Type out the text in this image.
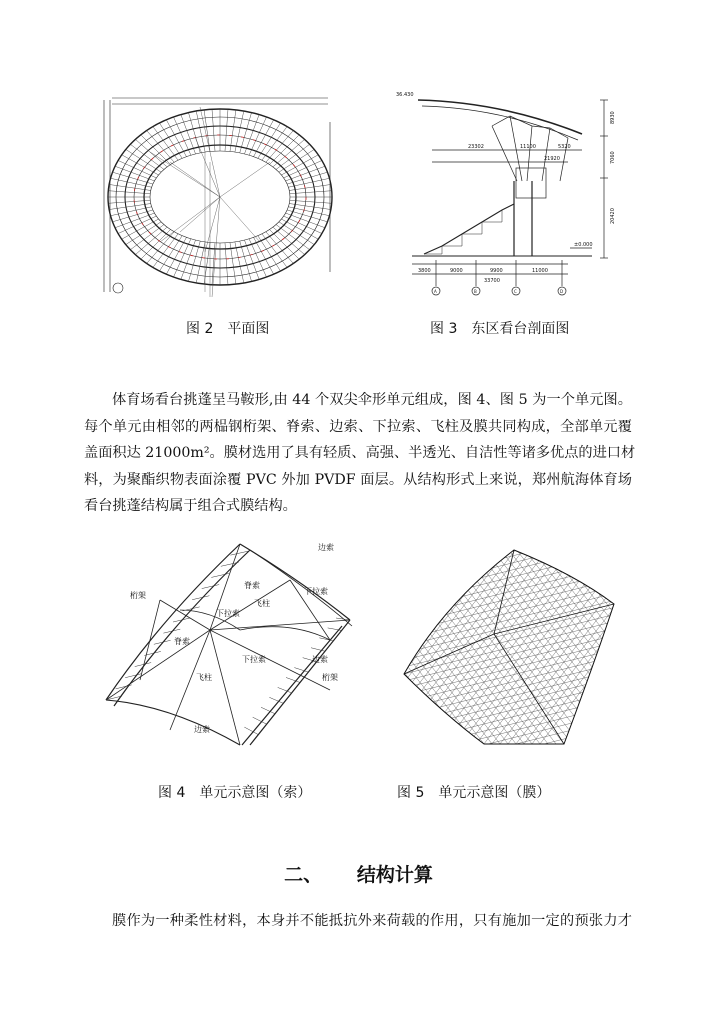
图 2　平面图
36.430
23302	11100	5320
21920
±0.000
3800	9000	9900	11000
33700
A	B	C	D
8930
7060
20420
图 3　东区看台剖面图
体育场看台挑蓬呈马鞍形,由 44 个双尖伞形单元组成，图 4、图 5 为一个单元图。
每个单元由相邻的两榀钢桁架、脊索、边索、下拉索、飞柱及膜共同构成，全部单元覆
盖面积达 21000m²。膜材选用了具有轻质、高强、半透光、自洁性等诸多优点的进口材
料，为聚酯织物表面涂覆 PVC 外加 PVDF 面层。从结构形式上来说，郑州航海体育场
看台挑蓬结构属于组合式膜结构。
边索
桁架
脊索
飞柱
下拉索
下拉索
脊索
飞柱
下拉索	边索
桁架
边索
图 4　单元示意图（索）	图 5　单元示意图（膜）
二、 结构计算
膜作为一种柔性材料，本身并不能抵抗外来荷载的作用，只有施加一定的预张力才
